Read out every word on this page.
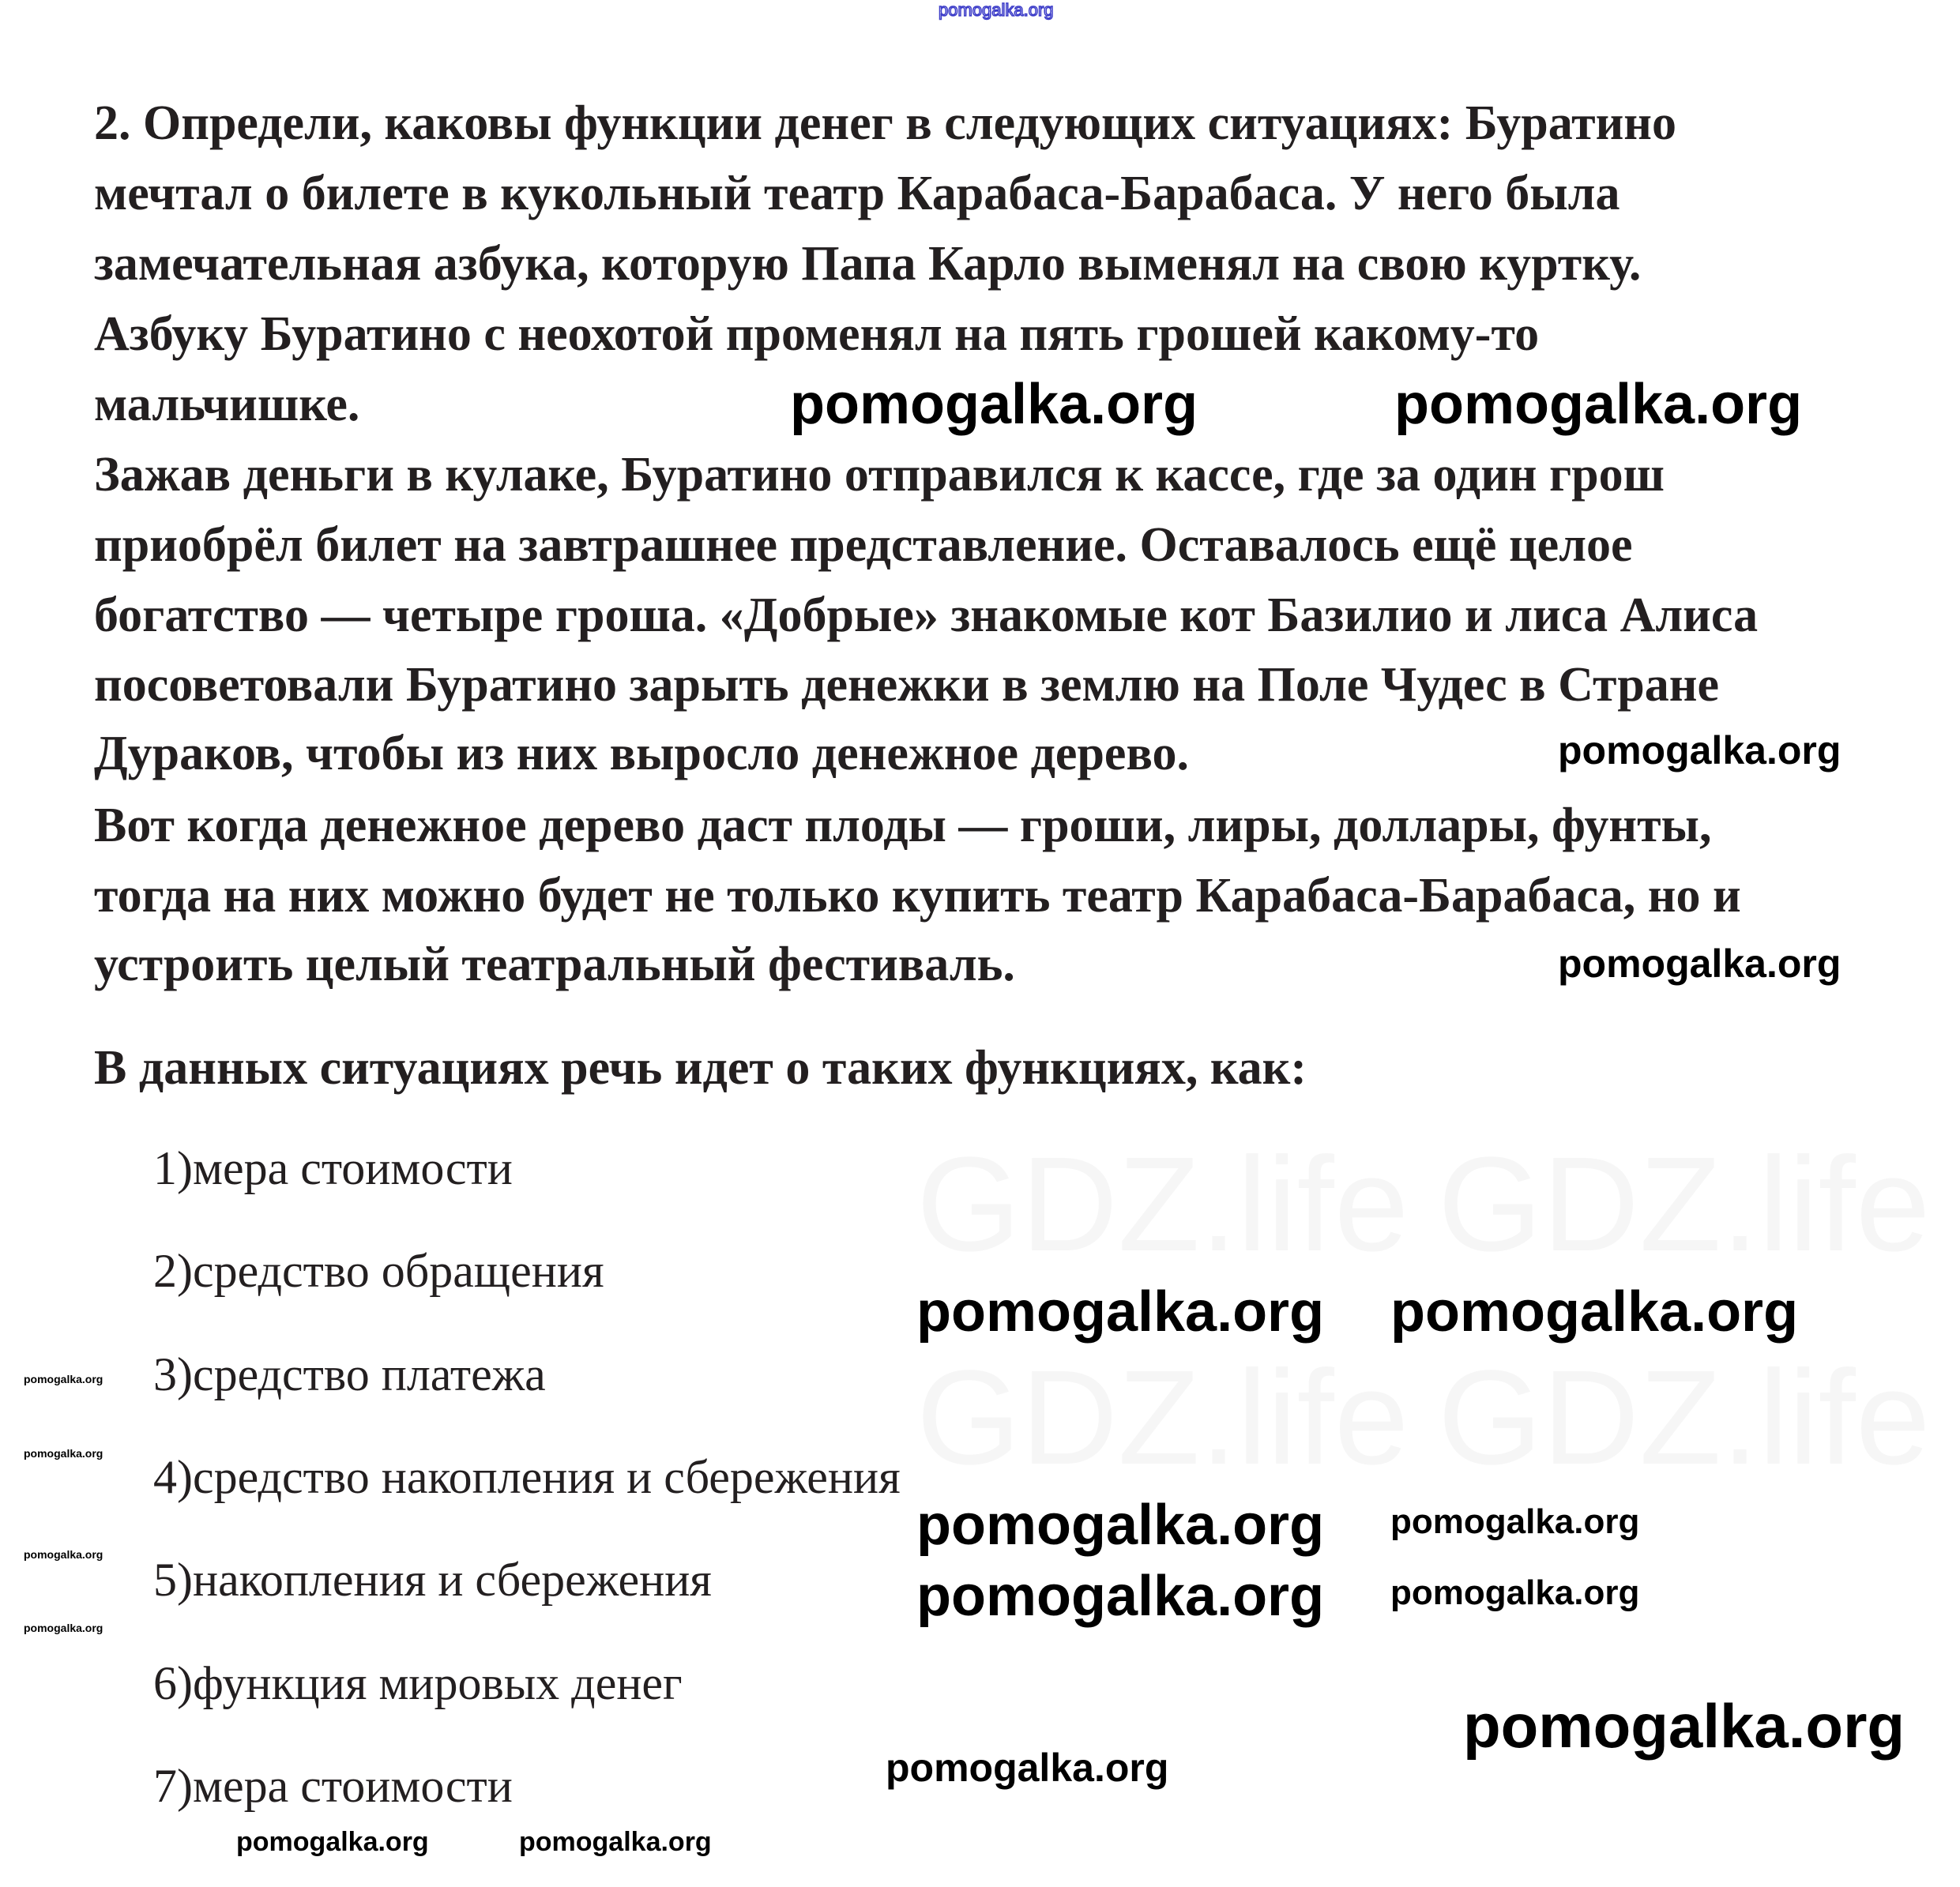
GDZ.life GDZ.life
GDZ.life GDZ.life
2. Определи, каковы функции денег в следующих ситуациях: Буратино
мечтал о билете в кукольный театр Карабаса-Барабаса. У него была
замечательная азбука, которую Папа Карло выменял на свою куртку.
Азбуку Буратино с неохотой променял на пять грошей какому-то
мальчишке.
Зажав деньги в кулаке, Буратино отправился к кассе, где за один грош
приобрёл билет на завтрашнее представление. Оставалось ещё целое
богатство — четыре гроша. «Добрые» знакомые кот Базилио и лиса Алиса
посоветовали Буратино зарыть денежки в землю на Поле Чудес в Стране
Дураков, чтобы из них выросло денежное дерево.
Вот когда денежное дерево даст плоды — гроши, лиры, доллары, фунты,
тогда на них можно будет не только купить театр Карабаса-Барабаса, но и
устроить целый театральный фестиваль.
В данных ситуациях речь идет о таких функциях, как:
1)мера стоимости
2)средство обращения
3)средство платежа
4)средство накопления и сбережения
5)накопления и сбережения
6)функция мировых денег
7)мера стоимости
pomogalka.org
pomogalka.org	pomogalka.org
pomogalka.org
pomogalka.org
pomogalka.org pomogalka.org
pomogalka.org pomogalka.org
pomogalka.org pomogalka.org
pomogalka.org
pomogalka.org
pomogalka.org	pomogalka.org
pomogalka.org
pomogalka.org
pomogalka.org
pomogalka.org
